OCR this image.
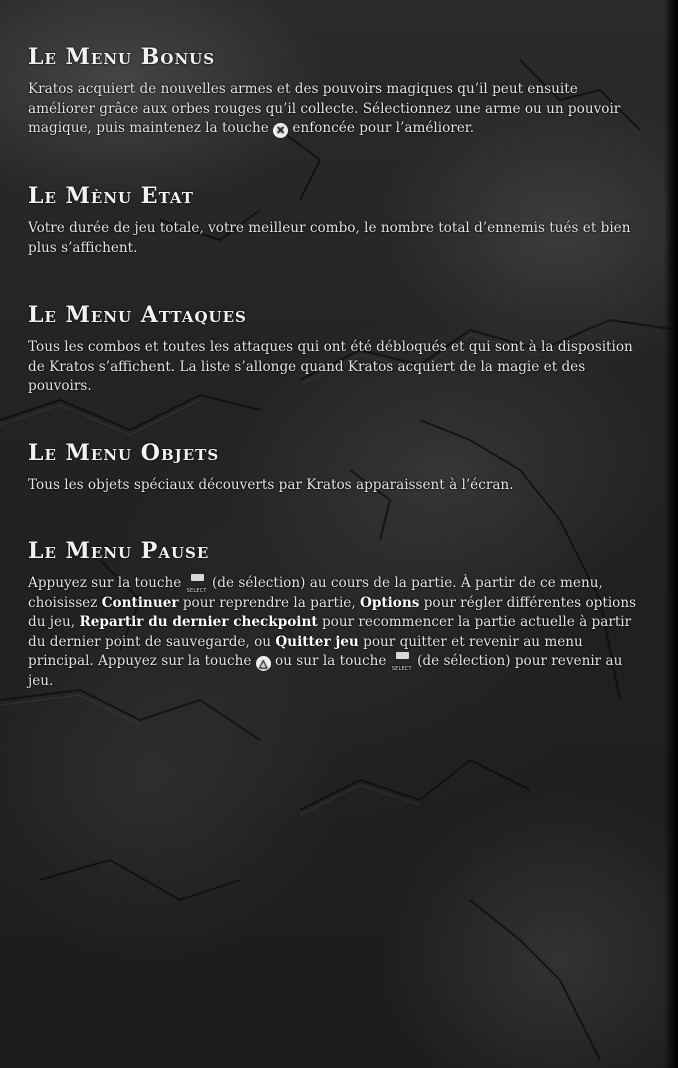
Le Menu Bonus

Kratos acquiert de nouvelles armes et des pouvoirs magiques qu’il peut ensuite améliorer grâce aux orbes rouges qu’il collecte. Sélectionnez une arme ou un pouvoir magique, puis maintenez la touche ✕ enfoncée pour l’améliorer.

Le Mènu Etat

Votre durée de jeu totale, votre meilleur combo, le nombre total d’ennemis tués et bien plus s’affichent.

Le Menu Attaques

Tous les combos et toutes les attaques qui ont été débloqués et qui sont à la disposition de Kratos s’affichent. La liste s’allonge quand Kratos acquiert de la magie et des pouvoirs.

Le Menu Objets

Tous les objets spéciaux découverts par Kratos apparaissent à l’écran.

Le Menu Pause

Appuyez sur la touche SELECT (de sélection) au cours de la partie. À partir de ce menu, choisissez Continuer pour reprendre la partie, Options pour régler différentes options du jeu, Repartir du dernier checkpoint pour recommencer la partie actuelle à partir du dernier point de sauvegarde, ou Quitter jeu pour quitter et revenir au menu principal. Appuyez sur la touche △ ou sur la touche SELECT (de sélection) pour revenir au jeu.
